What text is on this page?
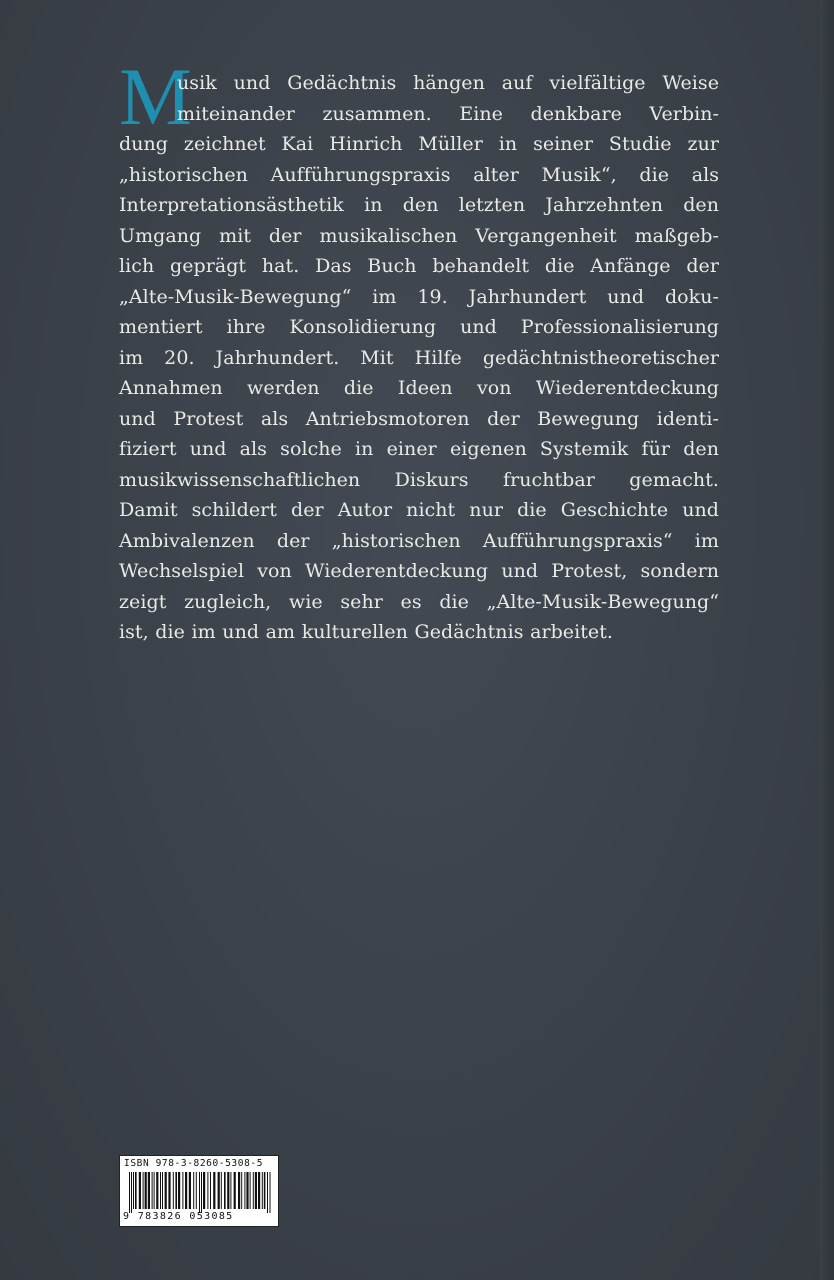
M
usik und Gedächtnis hängen auf vielfältige Weise
miteinander zusammen. Eine denkbare Verbin-
dung zeichnet Kai Hinrich Müller in seiner Studie zur
„historischen Aufführungspraxis alter Musik“, die als
Interpretationsästhetik in den letzten Jahrzehnten den
Umgang mit der musikalischen Vergangenheit maßgeb-
lich geprägt hat. Das Buch behandelt die Anfänge der
„Alte-Musik-Bewegung“ im 19. Jahrhundert und doku-
mentiert ihre Konsolidierung und Professionalisierung
im 20. Jahrhundert. Mit Hilfe gedächtnistheoretischer
Annahmen werden die Ideen von Wiederentdeckung
und Protest als Antriebsmotoren der Bewegung identi-
fiziert und als solche in einer eigenen Systemik für den
musikwissenschaftlichen Diskurs fruchtbar gemacht.
Damit schildert der Autor nicht nur die Geschichte und
Ambivalenzen der „historischen Aufführungspraxis“ im
Wechselspiel von Wiederentdeckung und Protest, sondern
zeigt zugleich, wie sehr es die „Alte-Musik-Bewegung“
ist, die im und am kulturellen Gedächtnis arbeitet.
ISBN 978-3-8260-5308-5
9 783826 053085
